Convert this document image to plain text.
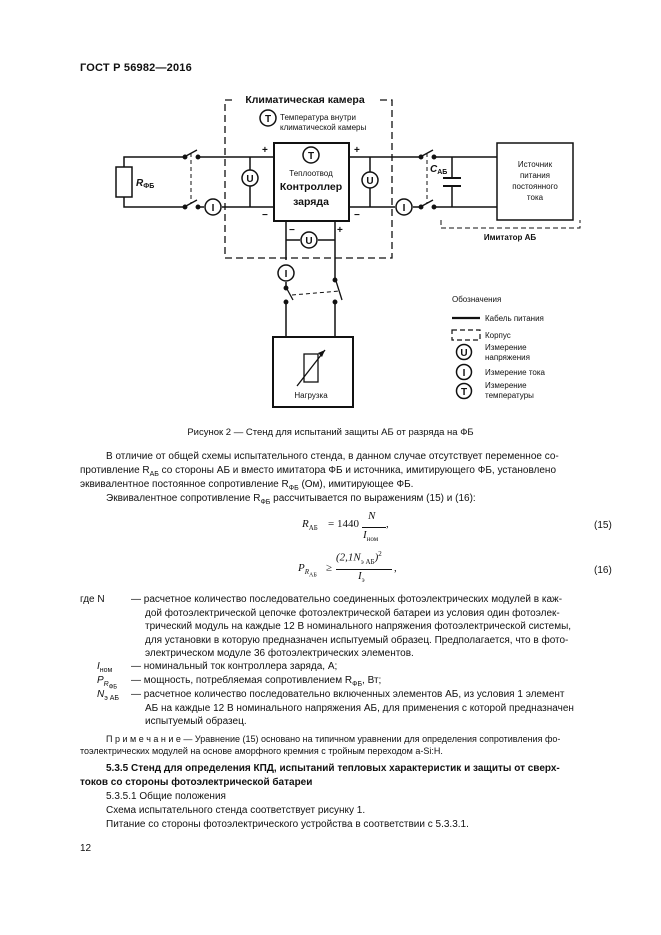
ГОСТ Р 56982—2016
Климатическая камера
T Температура внутри
климатической камеры
$R_{ФБ}$
$C_{АБ}$
T
Теплоотвод
Контроллер
заряда
+
−
+
−
−	+
U
I
U
I
U
I
Источник
питания
постоянного
тока
Имитатор АБ
Нагрузка
Обозначения
Кабель питания
Корпус
U
Измерение
напряжения
I Измерение тока
T
Измерение
температуры
Рисунок 2 — Стенд для испытаний защиты АБ от разряда на ФБ
В отличие от общей схемы испытательного стенда, в данном случае отсутствует переменное со-
противление $R_{АБ}$ со стороны АБ и вместо имитатора ФБ и источника, имитирующего ФБ, установлено
эквивалентное постоянное сопротивление $R_{ФБ}$ (Ом), имитирующее ФБ.
Эквивалентное сопротивление $R_{ФБ}$ рассчитывается по выражениям (15) и (16):
$R_{АБ} = 1440$
N
$I_{ном}$
,	(15)
$P_{R_{АБ}}$
≥
$(2,1N_{э АБ})^2$
$I_э$
,	(16)
где N	— расчетное количество последовательно соединенных фотоэлектрических модулей в каж-
дой фотоэлектрической цепочке фотоэлектрической батареи из условия один фотоэлек-
трический модуль на каждые 12 В номинального напряжения фотоэлектрической системы,
для установки в которую предназначен испытуемый образец. Предполагается, что в фото-
электрическом модуле 36 фотоэлектрических элементов.
$I_{ном}$ — номинальный ток контроллера заряда, А;
$P_{R_{ФБ}}$
— мощность, потребляемая сопротивлением $R_{ФБ}$, Вт;
$N_{э АБ}$ — расчетное количество последовательно включенных элементов АБ, из условия 1 элемент
АБ на каждые 12 В номинального напряжения АБ, для применения с которой предназначен
испытуемый образец.
П р и м е ч а н и е — Уравнение (15) основано на типичном уравнении для определения сопротивления фо-
тоэлектрических модулей на основе аморфного кремния с тройным переходом a-Si:H.
5.3.5 Стенд для определения КПД, испытаний тепловых характеристик и защиты от сверх-
токов со стороны фотоэлектрической батареи
5.3.5.1 Общие положения
Схема испытательного стенда соответствует рисунку 1.
Питание со стороны фотоэлектрического устройства в соответствии с 5.3.3.1.
12
